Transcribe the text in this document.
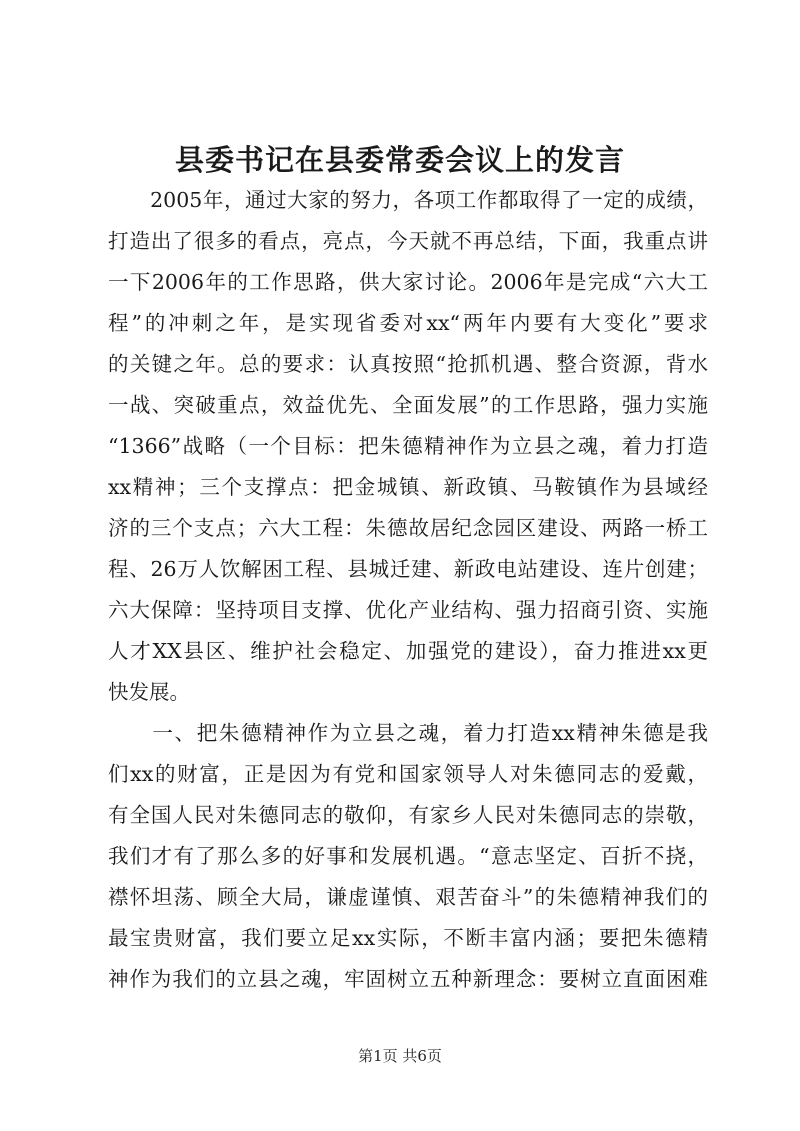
县委书记在县委常委会议上的发言
　　2005年，通过大家的努力，各项工作都取得了一定的成绩，
打造出了很多的看点，亮点，今天就不再总结，下面，我重点讲
一下2006年的工作思路，供大家讨论。2006年是完成“六大工
程”的冲刺之年，是实现省委对xx“两年内要有大变化”要求
的关键之年。总的要求：认真按照“抢抓机遇、整合资源，背水
一战、突破重点，效益优先、全面发展”的工作思路，强力实施
“1366”战略（一个目标：把朱德精神作为立县之魂，着力打造
xx精神；三个支撑点：把金城镇、新政镇、马鞍镇作为县域经
济的三个支点；六大工程：朱德故居纪念园区建设、两路一桥工
程、26万人饮解困工程、县城迁建、新政电站建设、连片创建；
六大保障：坚持项目支撑、优化产业结构、强力招商引资、实施
人才XX县区、维护社会稳定、加强党的建设），奋力推进xx更
快发展。
　　一、把朱德精神作为立县之魂，着力打造xx精神朱德是我
们xx的财富，正是因为有党和国家领导人对朱德同志的爱戴，
有全国人民对朱德同志的敬仰，有家乡人民对朱德同志的崇敬，
我们才有了那么多的好事和发展机遇。“意志坚定、百折不挠，
襟怀坦荡、顾全大局，谦虚谨慎、艰苦奋斗”的朱德精神我们的
最宝贵财富，我们要立足xx实际，不断丰富内涵；要把朱德精
神作为我们的立县之魂，牢固树立五种新理念：要树立直面困难
第1页 共6页
